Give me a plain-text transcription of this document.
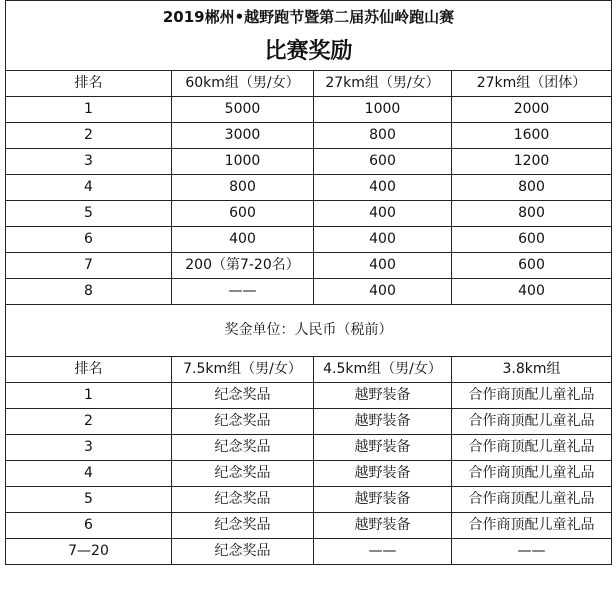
2019郴州•越野跑节暨第二届苏仙岭跑山赛			
比赛奖励			
排名	60km组（男/女）	27km组（男/女）	27km组（团体）
1	5000	1000	2000
2	3000	800	1600
3	1000	600	1200
4	800	400	800
5	600	400	800
6	400	400	600
7	200（第7-20名）	400	600
8	——	400	400
奖金单位：人民币（税前）			
排名	7.5km组（男/女）	4.5km组（男/女）	3.8km组
1	纪念奖品	越野装备	合作商顶配儿童礼品
2	纪念奖品	越野装备	合作商顶配儿童礼品
3	纪念奖品	越野装备	合作商顶配儿童礼品
4	纪念奖品	越野装备	合作商顶配儿童礼品
5	纪念奖品	越野装备	合作商顶配儿童礼品
6	纪念奖品	越野装备	合作商顶配儿童礼品
7—20	纪念奖品	——	——
